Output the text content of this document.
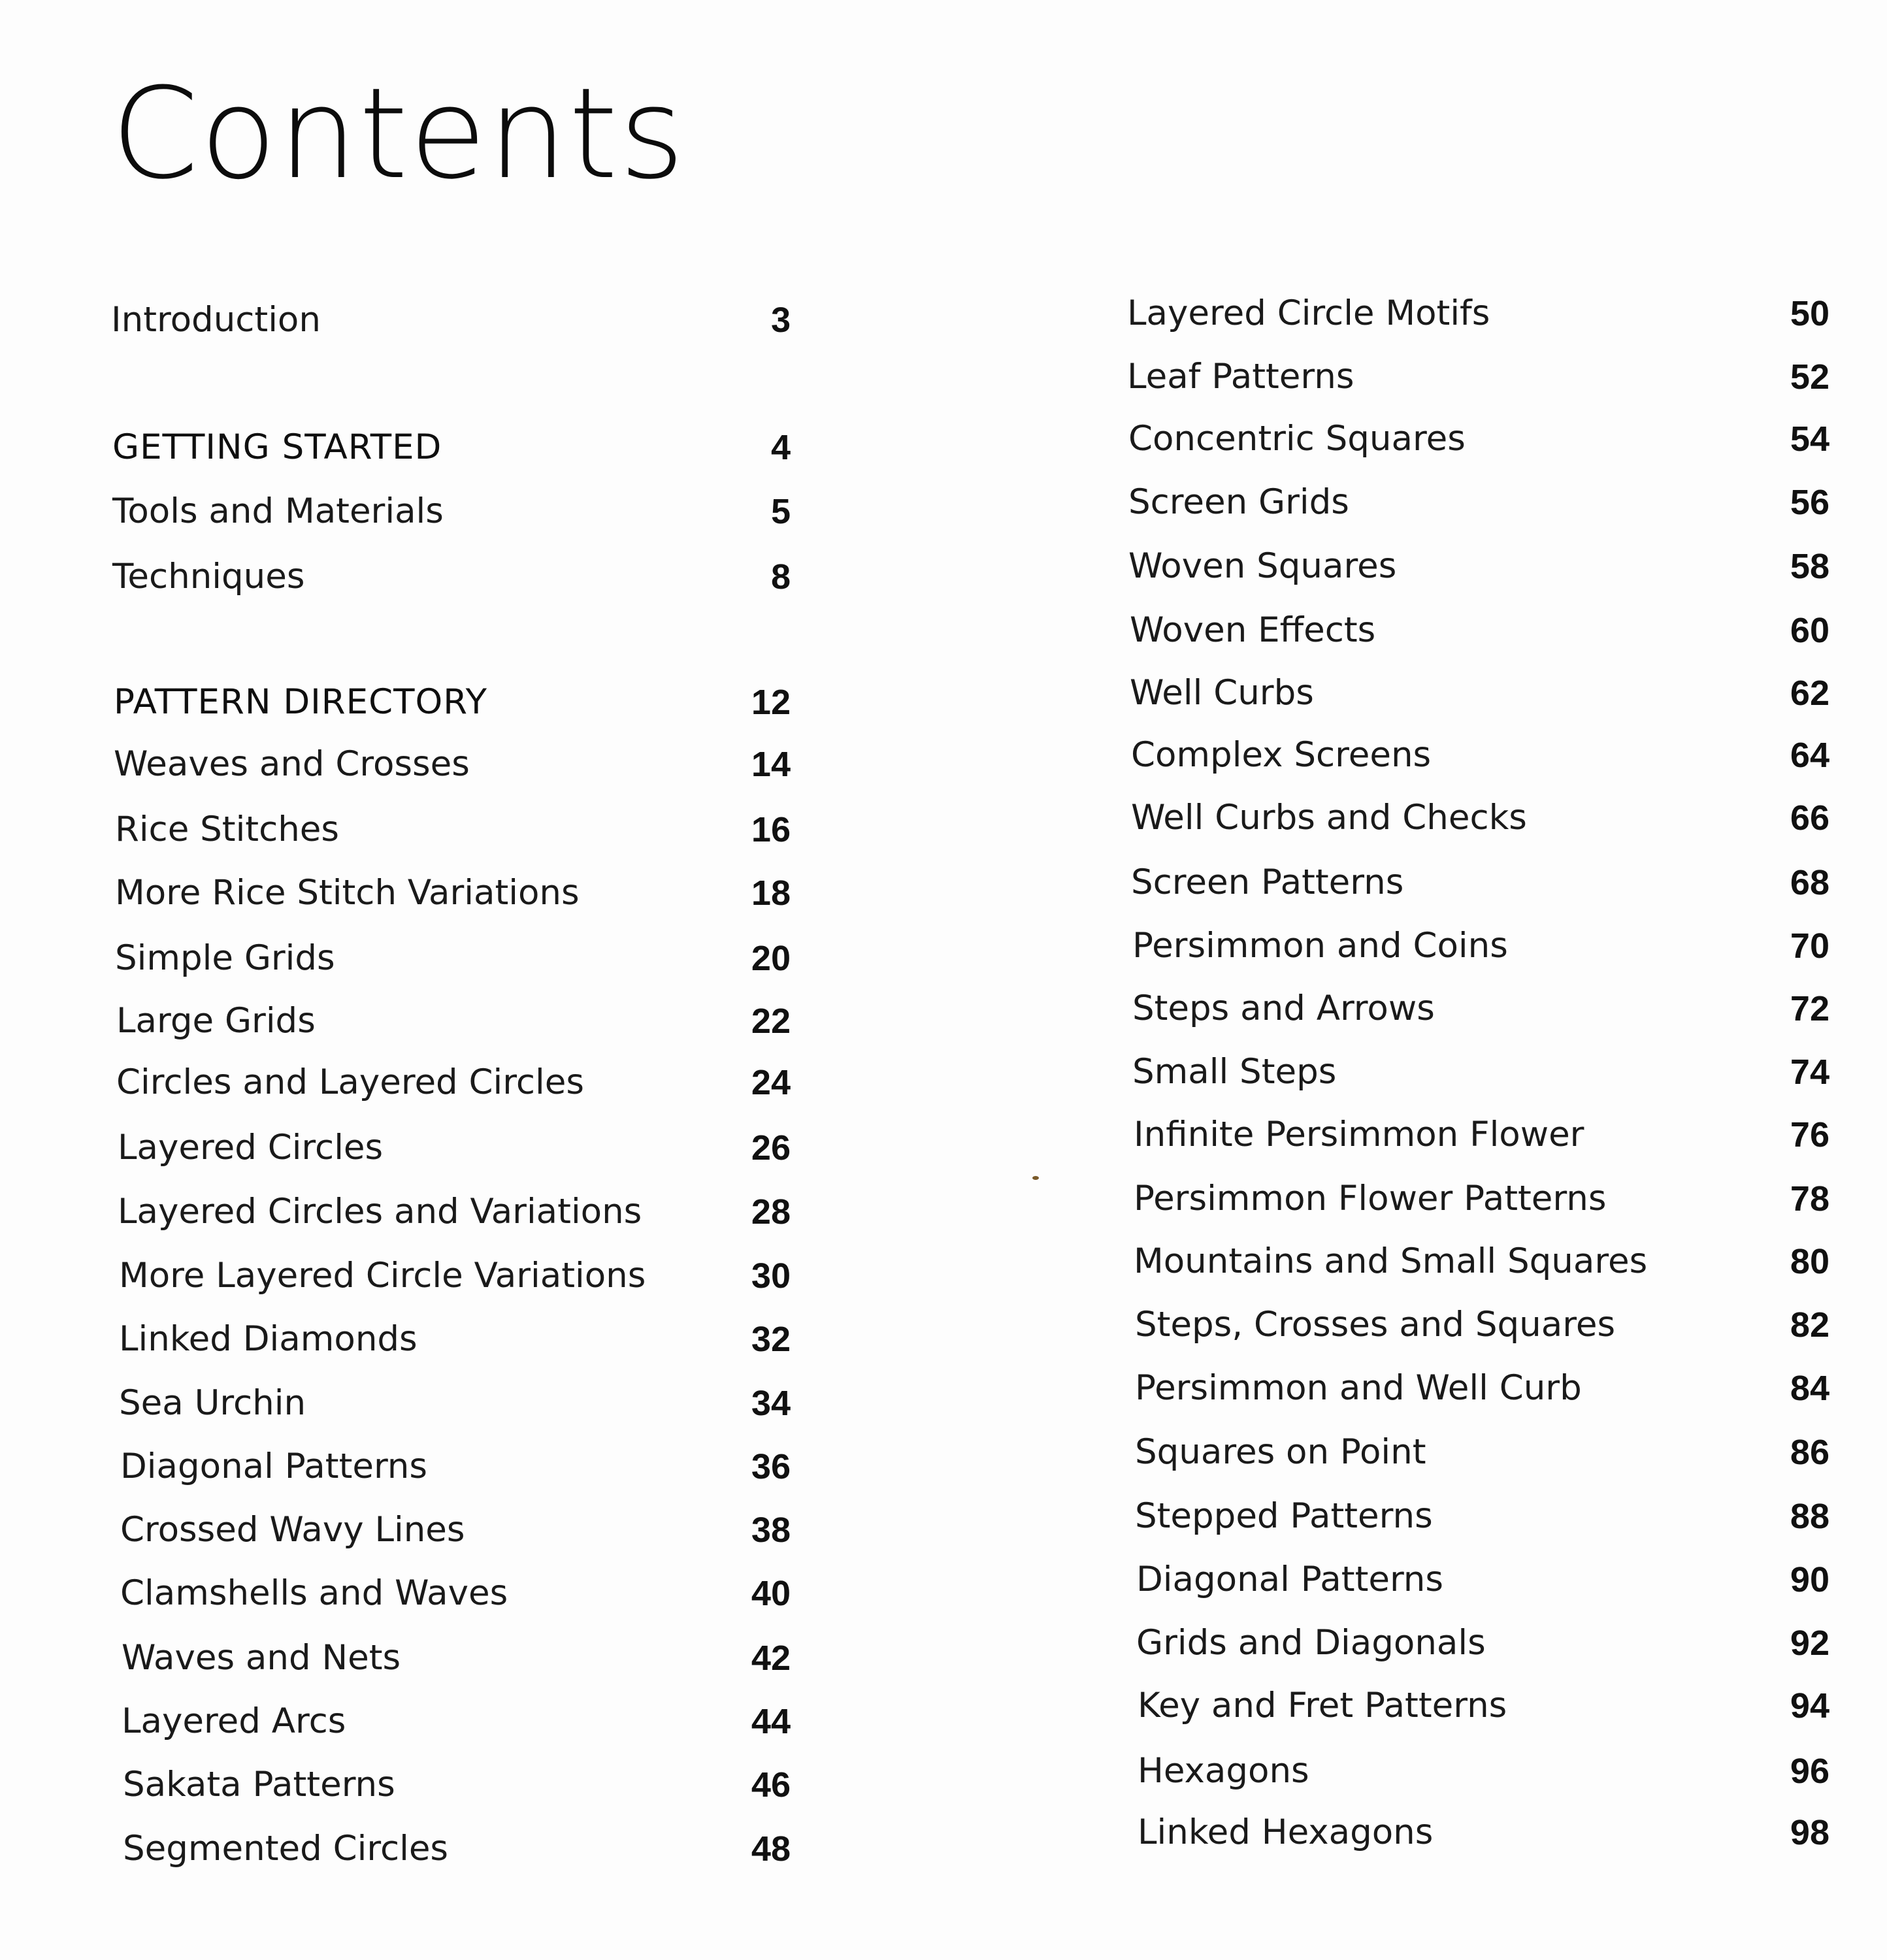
Contents
Introduction	3
GETTING STARTED	4
Tools and Materials	5
Techniques	8
PATTERN DIRECTORY	12
Weaves and Crosses	14
Rice Stitches	16
More Rice Stitch Variations	18
Simple Grids	20
Large Grids	22
Circles and Layered Circles	24
Layered Circles	26
Layered Circles and Variations	28
More Layered Circle Variations	30
Linked Diamonds	32
Sea Urchin	34
Diagonal Patterns	36
Crossed Wavy Lines	38
Clamshells and Waves	40
Waves and Nets	42
Layered Arcs	44
Sakata Patterns	46
Segmented Circles	48
Layered Circle Motifs	50
Leaf Patterns	52
Concentric Squares	54
Screen Grids	56
Woven Squares	58
Woven Effects	60
Well Curbs	62
Complex Screens	64
Well Curbs and Checks	66
Screen Patterns	68
Persimmon and Coins	70
Steps and Arrows	72
Small Steps	74
Infinite Persimmon Flower	76
Persimmon Flower Patterns	78
Mountains and Small Squares	80
Steps, Crosses and Squares	82
Persimmon and Well Curb	84
Squares on Point	86
Stepped Patterns	88
Diagonal Patterns	90
Grids and Diagonals	92
Key and Fret Patterns	94
Hexagons	96
Linked Hexagons	98
